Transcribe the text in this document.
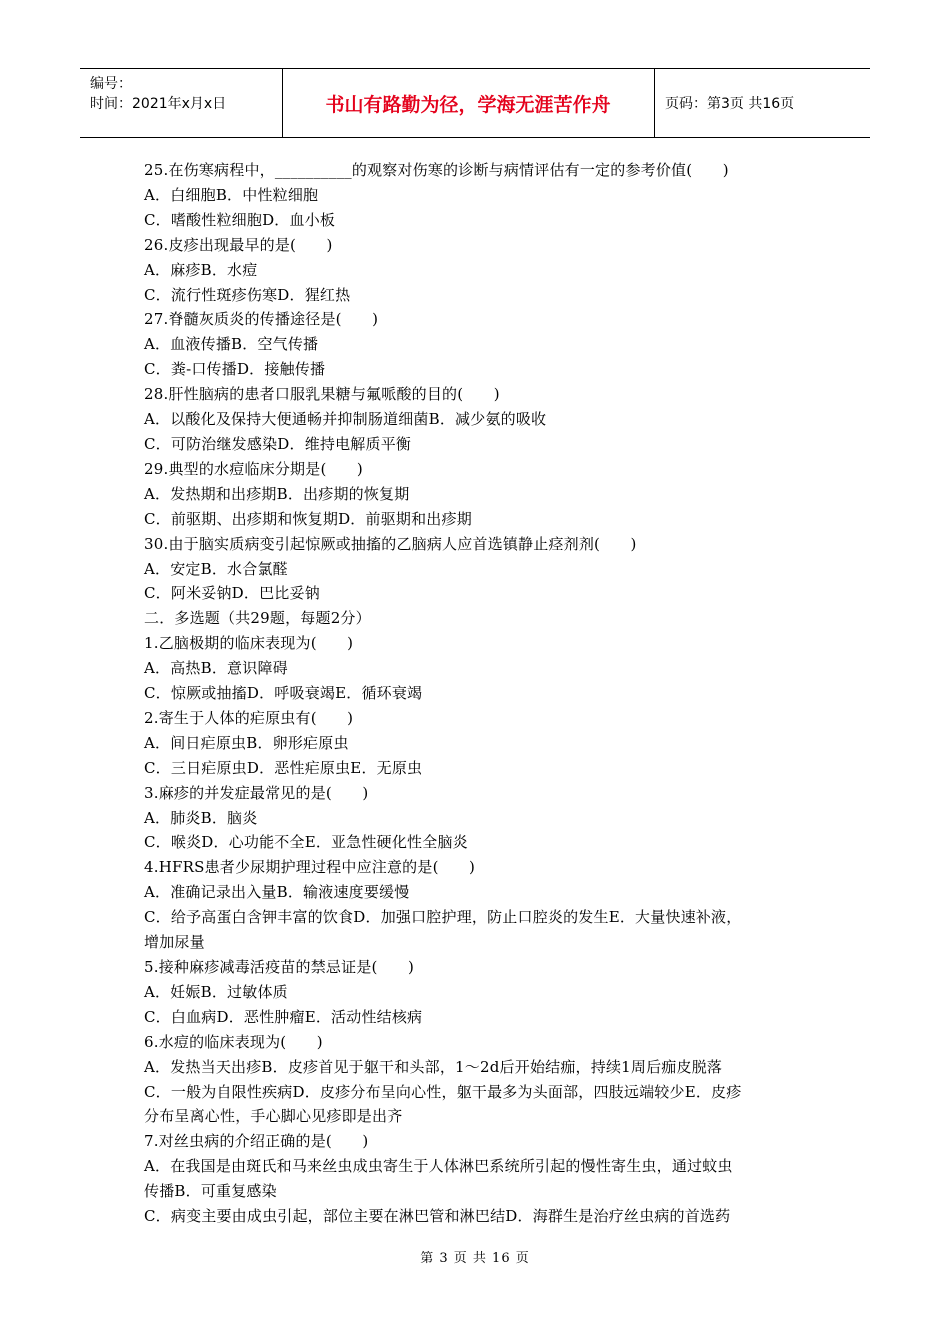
编号：
时间：2021年x月x日	书山有路勤为径，学海无涯苦作舟	页码：第3页 共16页
25.在伤寒病程中，__________的观察对伤寒的诊断与病情评估有一定的参考价值(　　)
A．白细胞B．中性粒细胞
C．嗜酸性粒细胞D．血小板
26.皮疹出现最早的是(　　)
A．麻疹B．水痘
C．流行性斑疹伤寒D．猩红热
27.脊髓灰质炎的传播途径是(　　)
A．血液传播B．空气传播
C．粪-口传播D．接触传播
28.肝性脑病的患者口服乳果糖与氟哌酸的目的(　　)
A．以酸化及保持大便通畅并抑制肠道细菌B．减少氨的吸收
C．可防治继发感染D．维持电解质平衡
29.典型的水痘临床分期是(　　)
A．发热期和出疹期B．出疹期的恢复期
C．前驱期、出疹期和恢复期D．前驱期和出疹期
30.由于脑实质病变引起惊厥或抽搐的乙脑病人应首选镇静止痉剂剂(　　)
A．安定B．水合氯醛
C．阿米妥钠D．巴比妥钠
二．多选题（共29题，每题2分）
1.乙脑极期的临床表现为(　　)
A．高热B．意识障碍
C．惊厥或抽搐D．呼吸衰竭E．循环衰竭
2.寄生于人体的疟原虫有(　　)
A．间日疟原虫B．卵形疟原虫
C．三日疟原虫D．恶性疟原虫E．无原虫
3.麻疹的并发症最常见的是(　　)
A．肺炎B．脑炎
C．喉炎D．心功能不全E．亚急性硬化性全脑炎
4.HFRS患者少尿期护理过程中应注意的是(　　)
A．准确记录出入量B．输液速度要缓慢
C．给予高蛋白含钾丰富的饮食D．加强口腔护理，防止口腔炎的发生E．大量快速补液，
增加尿量
5.接种麻疹减毒活疫苗的禁忌证是(　　)
A．妊娠B．过敏体质
C．白血病D．恶性肿瘤E．活动性结核病
6.水痘的临床表现为(　　)
A．发热当天出疹B．皮疹首见于躯干和头部，1～2d后开始结痂，持续1周后痂皮脱落
C．一般为自限性疾病D．皮疹分布呈向心性，躯干最多为头面部，四肢远端较少E．皮疹
分布呈离心性，手心脚心见疹即是出齐
7.对丝虫病的介绍正确的是(　　)
A．在我国是由斑氏和马来丝虫成虫寄生于人体淋巴系统所引起的慢性寄生虫，通过蚊虫
传播B．可重复感染
C．病变主要由成虫引起，部位主要在淋巴管和淋巴结D．海群生是治疗丝虫病的首选药
第 3 页 共 16 页
